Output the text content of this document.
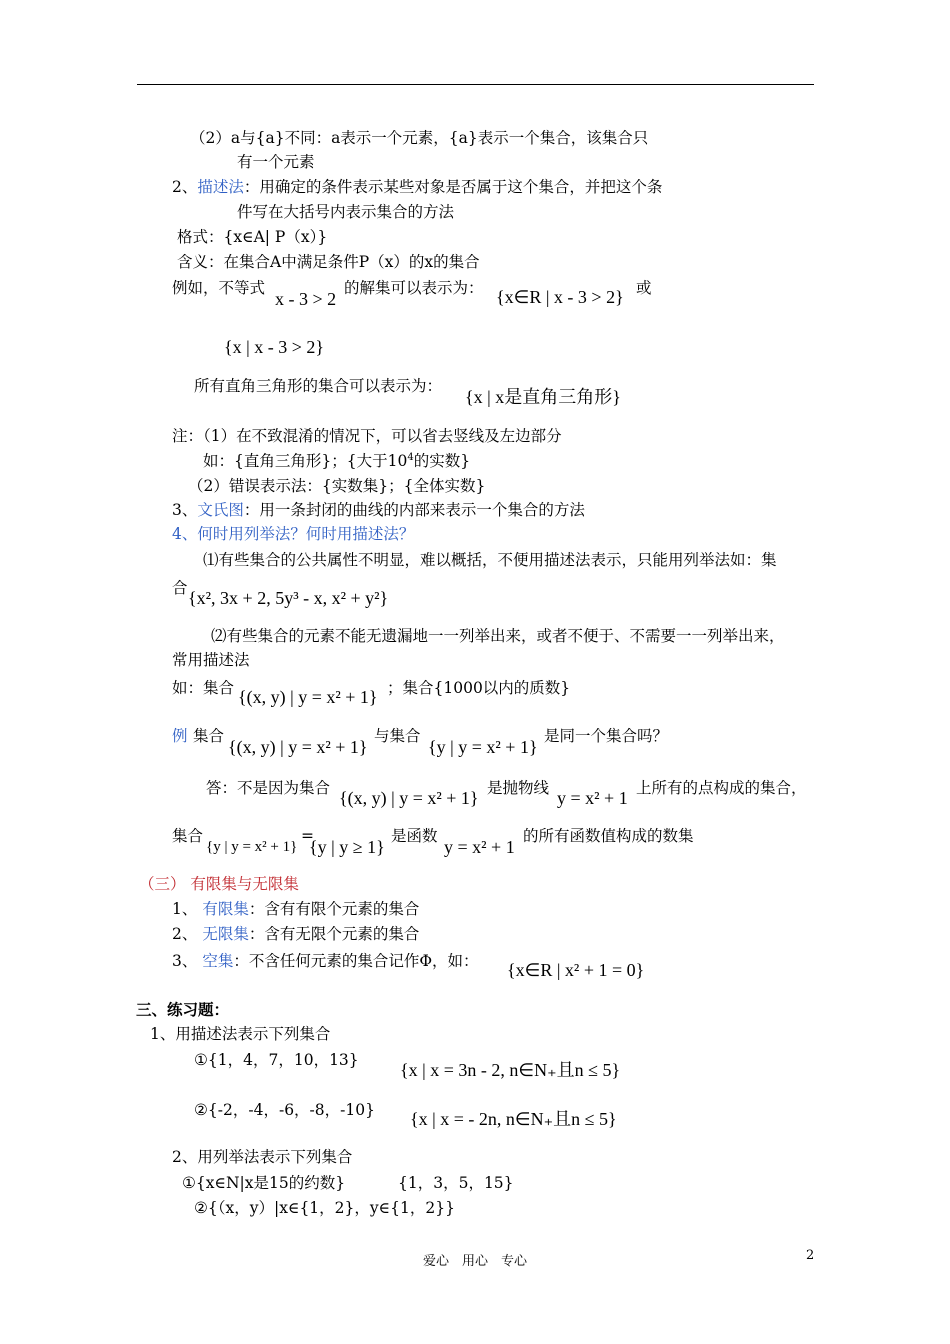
（2）a与{a}不同：a表示一个元素，{a}表示一个集合，该集合只
有一个元素
2、描述法：用确定的条件表示某些对象是否属于这个集合，并把这个条
件写在大括号内表示集合的方法
格式：{x∈A| P（x）}
含义：在集合A中满足条件P（x）的x的集合
例如，不等式
x - 3 > 2
的解集可以表示为： {x∈R | x - 3 > 2} 或
{x | x - 3 > 2}
所有直角三角形的集合可以表示为：
{x | x是直角三角形}
注：（1）在不致混淆的情况下，可以省去竖线及左边部分
如：{直角三角形}；{大于$10^4$的实数}
（2）错误表示法：{实数集}；{全体实数}
3、文氏图：用一条封闭的曲线的内部来表示一个集合的方法
4、何时用列举法？何时用描述法？
⑴有些集合的公共属性不明显，难以概括，不便用描述法表示，只能用列举法如：集
合 {x², 3x + 2, 5y³ - x, x² + y²}
⑵有些集合的元素不能无遗漏地一一列举出来，或者不便于、不需要一一列举出来，
常用描述法
如：集合 {(x, y) | y = x² + 1} ；集合{1000以内的质数}
例 集合
{(x, y) | y = x² + 1}
与集合
{y | y = x² + 1}
是同一个集合吗？
答：不是因为集合 {(x, y) | y = x² + 1} 是抛物线 y = x² + 1 上所有的点构成的集合，
集合
{y | y = x² + 1}
=
{y | y ≥ 1}
是函数
y = x² + 1
的所有函数值构成的数集
（三） 有限集与无限集
1、 有限集：含有有限个元素的集合
2、 无限集：含有无限个元素的集合
3、 空集：不含任何元素的集合记作Φ，如： {x∈R | x² + 1 = 0}
三、练习题：
1、用描述法表示下列集合
①{1，4，7，10，13} {x | x = 3n - 2, n∈N₊且n ≤ 5}
②{-2，-4，-6，-8，-10} {x | x = - 2n, n∈N₊且n ≤ 5}
2、用列举法表示下列集合
①{x∈N|x是15的约数}	{1，3，5，15}
②{（x，y）|x∈{1，2}，y∈{1，2}}
爱心　用心　专心	2
